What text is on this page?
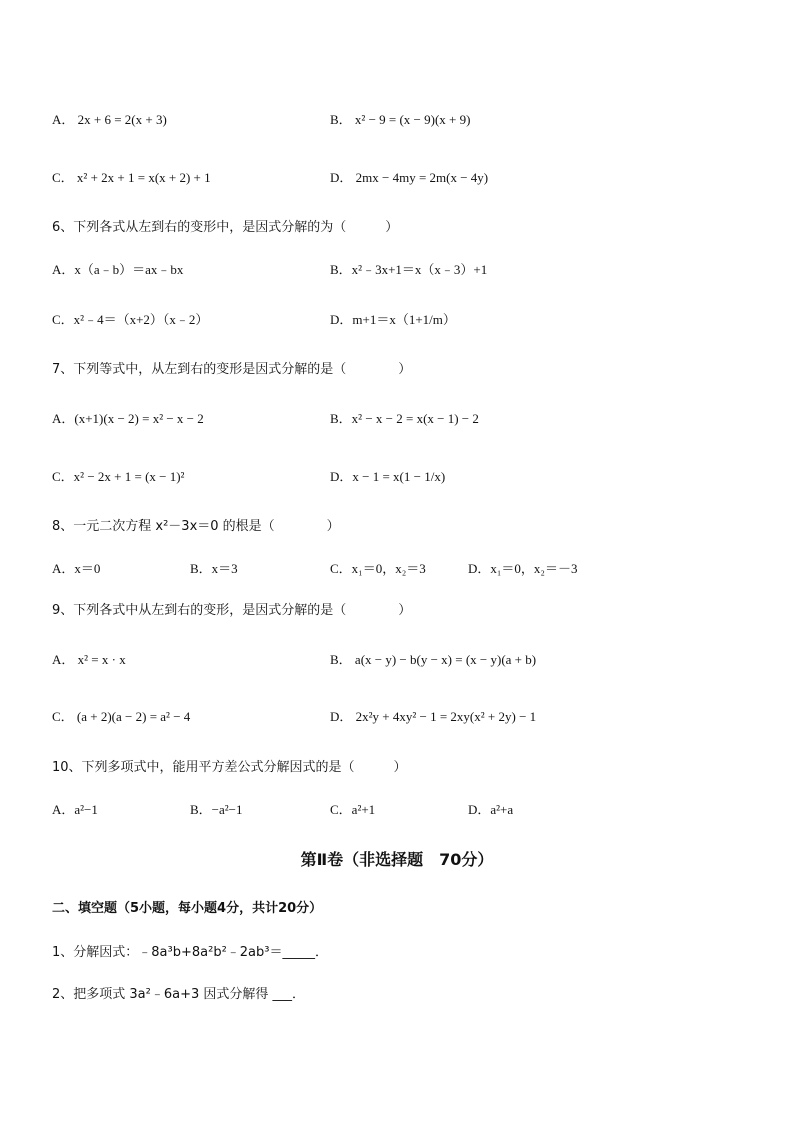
A． 2x + 6 = 2(x + 3)	B． x² − 9 = (x − 9)(x + 9)
C． x² + 2x + 1 = x(x + 2) + 1	D． 2mx − 4my = 2m(x − 4y)
6、下列各式从左到右的变形中，是因式分解的为（　　　）
A．x（a﹣b）＝ax﹣bx	B．x²﹣3x+1＝x（x﹣3）+1
C．x²﹣4＝（x+2）（x﹣2）	D．m+1＝x（1+1/m）
7、下列等式中，从左到右的变形是因式分解的是（　　　　）
A．(x+1)(x − 2) = x² − x − 2	B．x² − x − 2 = x(x − 1) − 2
C．x² − 2x + 1 = (x − 1)²	D．x − 1 = x(1 − 1/x)
8、一元二次方程 x²－3x＝0 的根是（　　　　）
A．x＝0	B．x＝3	C．x₁＝0，x₂＝3	D．x₁＝0，x₂＝－3
9、下列各式中从左到右的变形，是因式分解的是（　　　　）
A． x² = x · x	B． a(x − y) − b(y − x) = (x − y)(a + b)
C． (a + 2)(a − 2) = a² − 4	D． 2x²y + 4xy² − 1 = 2xy(x² + 2y) − 1
10、下列多项式中，能用平方差公式分解因式的是（　　　）
A．a²−1	B．−a²−1	C．a²+1	D．a²+a
第Ⅱ卷（非选择题　70分）
二、填空题（5小题，每小题4分，共计20分）
1、分解因式：﹣8a³b+8a²b²﹣2ab³＝_____．
2、把多项式 3a²﹣6a+3 因式分解得 ___．
